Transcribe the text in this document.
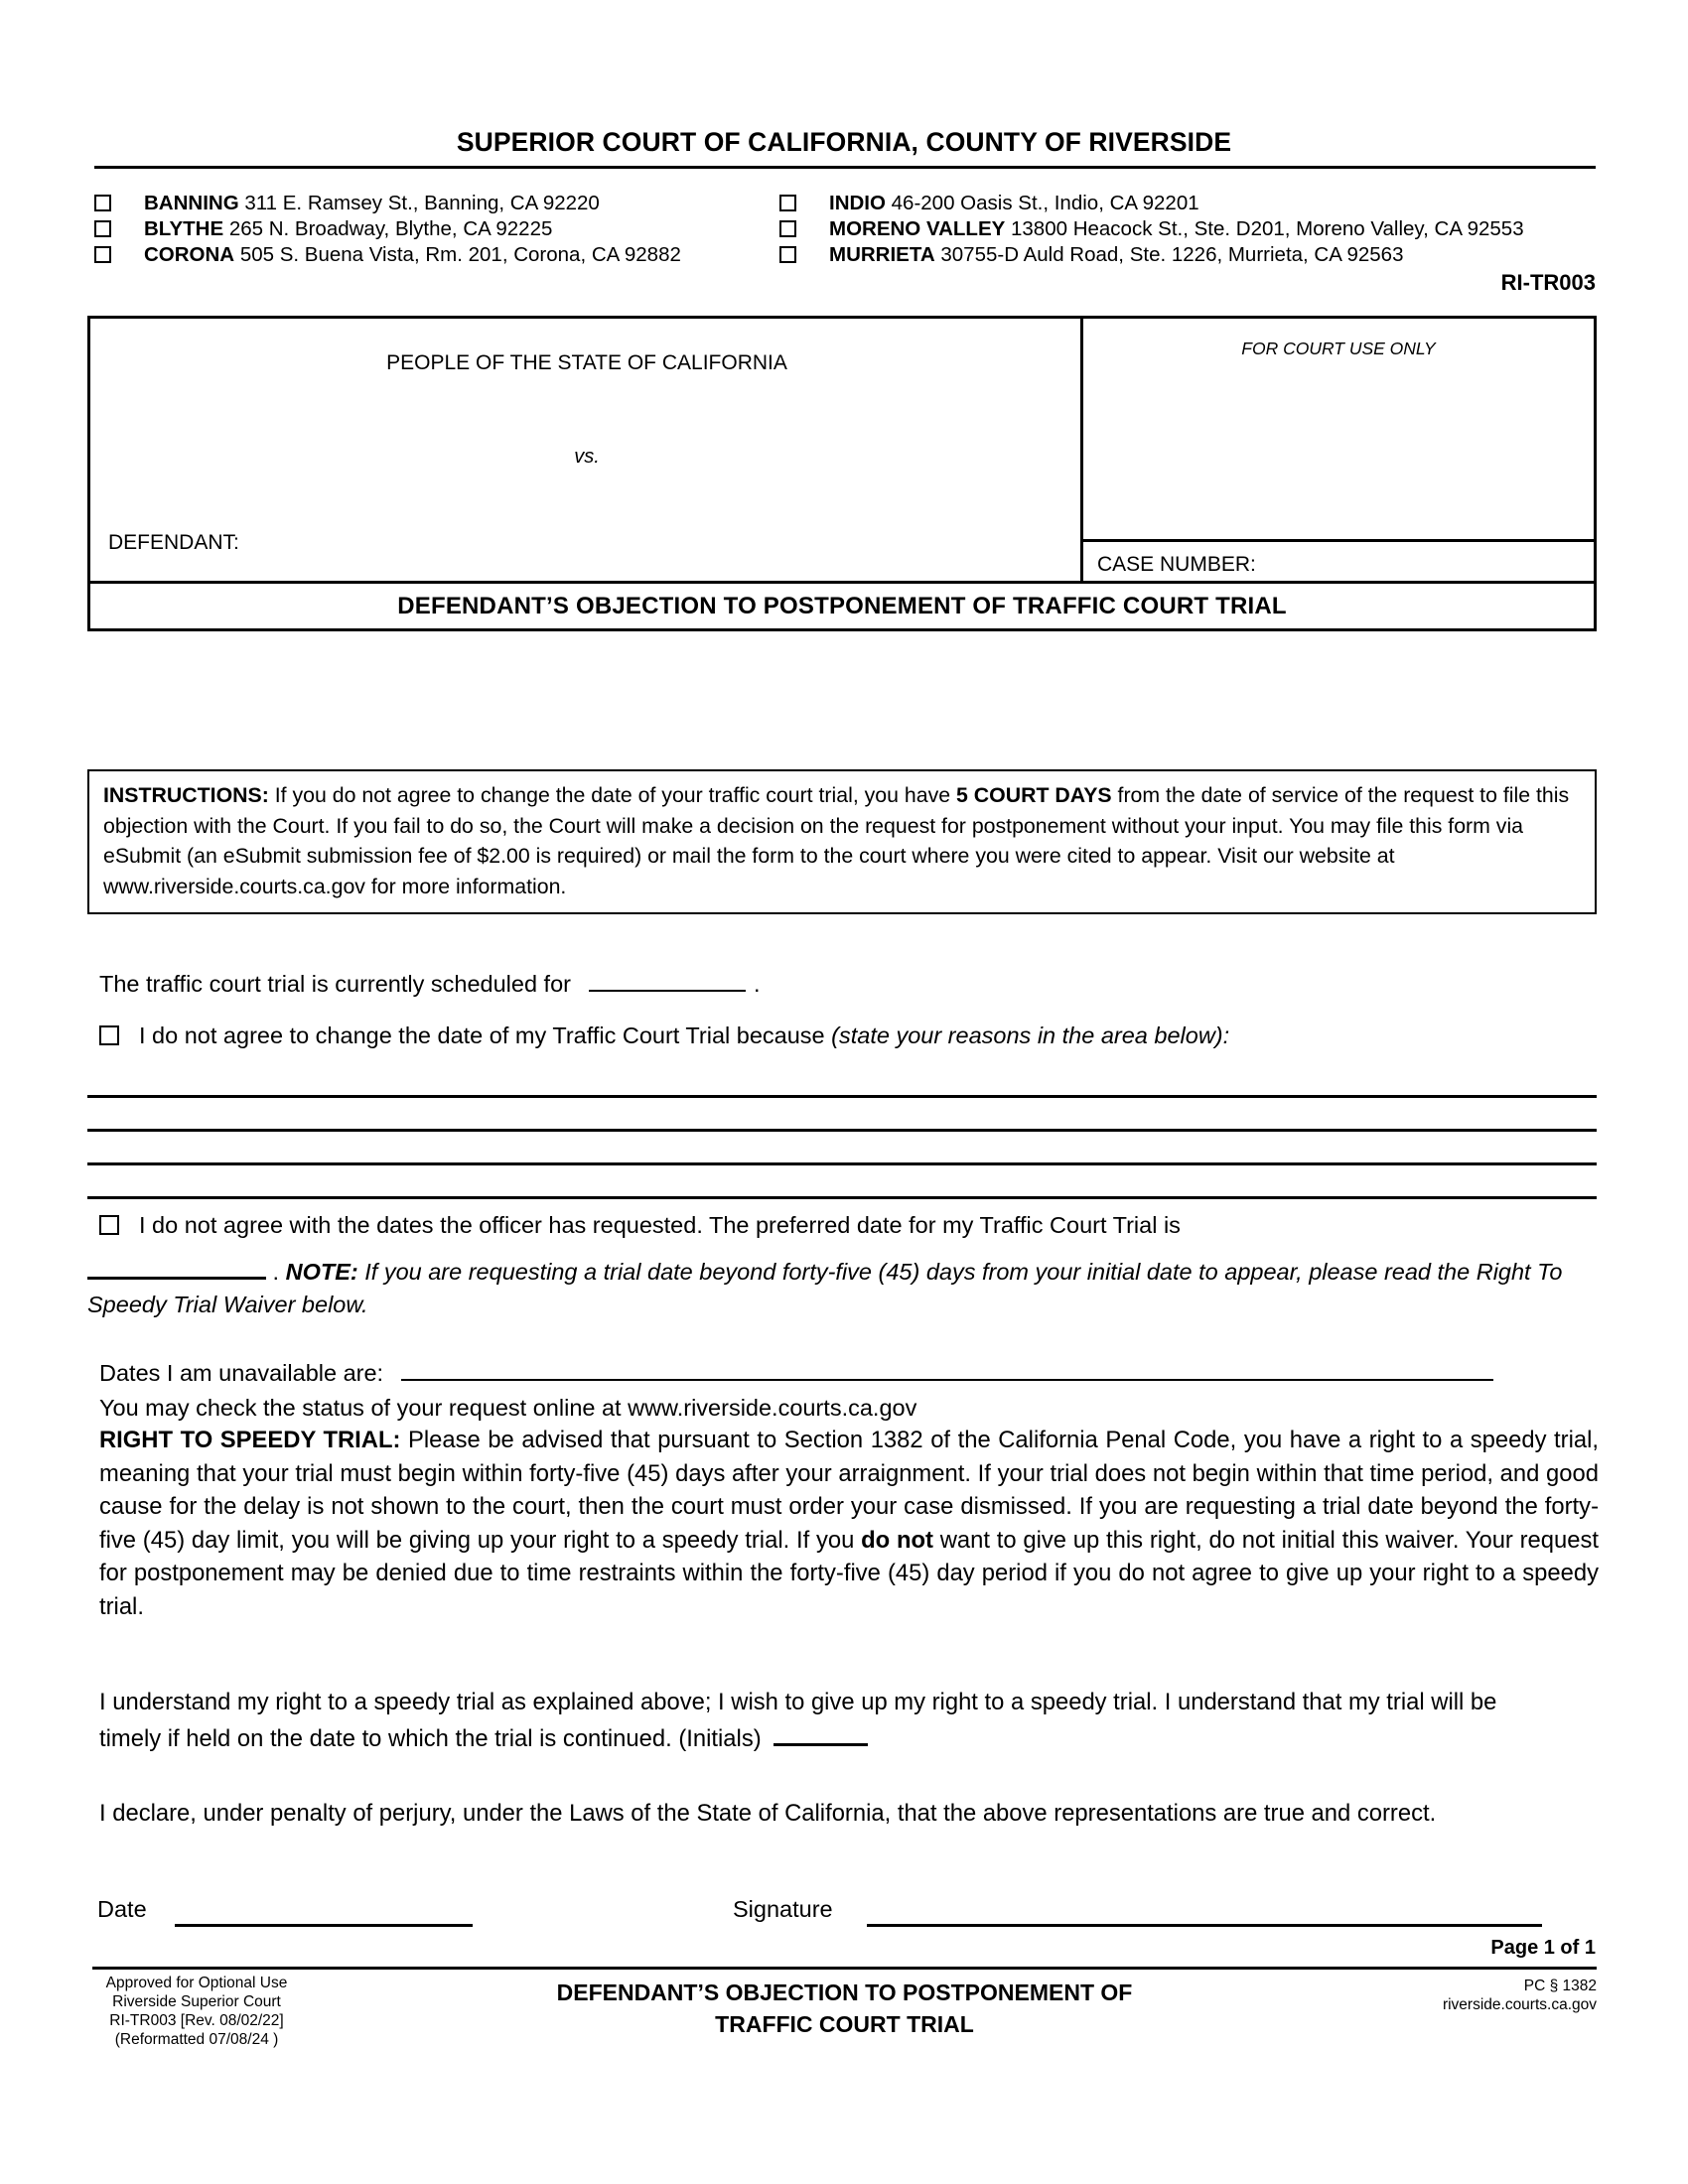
SUPERIOR COURT OF CALIFORNIA, COUNTY OF RIVERSIDE
BANNING 311 E. Ramsey St., Banning, CA 92220
BLYTHE 265 N. Broadway, Blythe, CA 92225
CORONA 505 S. Buena Vista, Rm. 201, Corona, CA 92882
INDIO 46-200 Oasis St., Indio, CA 92201
MORENO VALLEY 13800 Heacock St., Ste. D201, Moreno Valley, CA 92553
MURRIETA 30755-D Auld Road, Ste. 1226, Murrieta, CA 92563
RI-TR003
PEOPLE OF THE STATE OF CALIFORNIA
vs.
DEFENDANT:
FOR COURT USE ONLY
CASE NUMBER:
DEFENDANT’S OBJECTION TO POSTPONEMENT OF TRAFFIC COURT TRIAL

INSTRUCTIONS: If you do not agree to change the date of your traffic court trial, you have 5 COURT DAYS from the date of service of the request to file this objection with the Court. If you fail to do so, the Court will make a decision on the request for postponement without your input. You may file this form via eSubmit (an eSubmit submission fee of $2.00 is required) or mail the form to the court where you were cited to appear. Visit our website at www.riverside.courts.ca.gov for more information.

The traffic court trial is currently scheduled for	.
I do not agree to change the date of my Traffic Court Trial because (state your reasons in the area below):
I do not agree with the dates the officer has requested. The preferred date for my Traffic Court Trial is
. NOTE: If you are requesting a trial date beyond forty-five (45) days from your initial date to appear, please read the Right To Speedy Trial Waiver below.
Dates I am unavailable are:
You may check the status of your request online at www.riverside.courts.ca.gov
RIGHT TO SPEEDY TRIAL: Please be advised that pursuant to Section 1382 of the California Penal Code, you have a right to a speedy trial, meaning that your trial must begin within forty-five (45) days after your arraignment. If your trial does not begin within that time period, and good cause for the delay is not shown to the court, then the court must order your case dismissed. If you are requesting a trial date beyond the forty-five (45) day limit, you will be giving up your right to a speedy trial. If you do not want to give up this right, do not initial this waiver. Your request for postponement may be denied due to time restraints within the forty-five (45) day period if you do not agree to give up your right to a speedy trial.
I understand my right to a speedy trial as explained above; I wish to give up my right to a speedy trial. I understand that my trial will be timely if held on the date to which the trial is continued. (Initials)
I declare, under penalty of perjury, under the Laws of the State of California, that the above representations are true and correct.
Date	Signature
Page 1 of 1
Approved for Optional Use
Riverside Superior Court
RI-TR003 [Rev. 08/02/22]
(Reformatted 07/08/24 )
DEFENDANT’S OBJECTION TO POSTPONEMENT OF
TRAFFIC COURT TRIAL
PC § 1382
riverside.courts.ca.gov
